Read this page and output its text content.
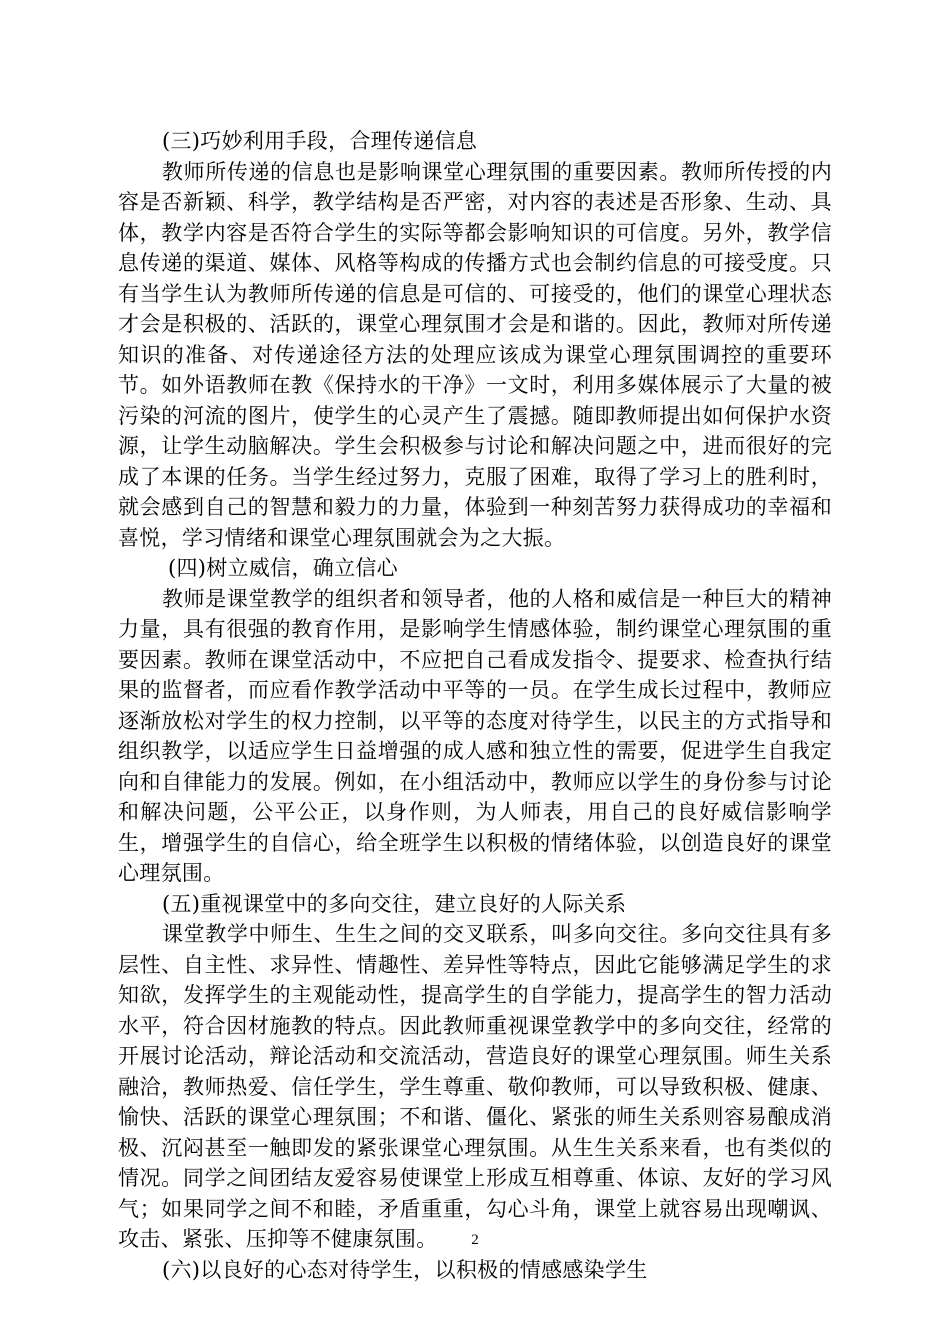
(三)巧妙利用手段，合理传递信息

教师所传递的信息也是影响课堂心理氛围的重要因素。教师所传授的内容是否新颖、科学，教学结构是否严密，对内容的表述是否形象、生动、具体，教学内容是否符合学生的实际等都会影响知识的可信度。另外，教学信息传递的渠道、媒体、风格等构成的传播方式也会制约信息的可接受度。只有当学生认为教师所传递的信息是可信的、可接受的，他们的课堂心理状态才会是积极的、活跃的，课堂心理氛围才会是和谐的。因此，教师对所传递知识的准备、对传递途径方法的处理应该成为课堂心理氛围调控的重要环节。如外语教师在教《保持水的干净》一文时，利用多媒体展示了大量的被污染的河流的图片，使学生的心灵产生了震撼。随即教师提出如何保护水资源，让学生动脑解决。学生会积极参与讨论和解决问题之中，进而很好的完成了本课的任务。当学生经过努力，克服了困难，取得了学习上的胜利时，就会感到自己的智慧和毅力的力量，体验到一种刻苦努力获得成功的幸福和喜悦，学习情绪和课堂心理氛围就会为之大振。

(四)树立威信，确立信心

教师是课堂教学的组织者和领导者，他的人格和威信是一种巨大的精神力量，具有很强的教育作用，是影响学生情感体验，制约课堂心理氛围的重要因素。教师在课堂活动中，不应把自己看成发指令、提要求、检查执行结果的监督者，而应看作教学活动中平等的一员。在学生成长过程中，教师应逐渐放松对学生的权力控制，以平等的态度对待学生，以民主的方式指导和组织教学，以适应学生日益增强的成人感和独立性的需要，促进学生自我定向和自律能力的发展。例如，在小组活动中，教师应以学生的身份参与讨论和解决问题，公平公正，以身作则，为人师表，用自己的良好威信影响学生，增强学生的自信心，给全班学生以积极的情绪体验，以创造良好的课堂心理氛围。

(五)重视课堂中的多向交往，建立良好的人际关系

课堂教学中师生、生生之间的交叉联系，叫多向交往。多向交往具有多层性、自主性、求异性、情趣性、差异性等特点，因此它能够满足学生的求知欲，发挥学生的主观能动性，提高学生的自学能力，提高学生的智力活动水平，符合因材施教的特点。因此教师重视课堂教学中的多向交往，经常的开展讨论活动，辩论活动和交流活动，营造良好的课堂心理氛围。师生关系融洽，教师热爱、信任学生，学生尊重、敬仰教师，可以导致积极、健康、愉快、活跃的课堂心理氛围；不和谐、僵化、紧张的师生关系则容易酿成消极、沉闷甚至一触即发的紧张课堂心理氛围。从生生关系来看，也有类似的情况。同学之间团结友爱容易使课堂上形成互相尊重、体谅、友好的学习风气；如果同学之间不和睦，矛盾重重，勾心斗角，课堂上就容易出现嘲讽、攻击、紧张、压抑等不健康氛围。

(六)以良好的心态对待学生，以积极的情感感染学生

2
